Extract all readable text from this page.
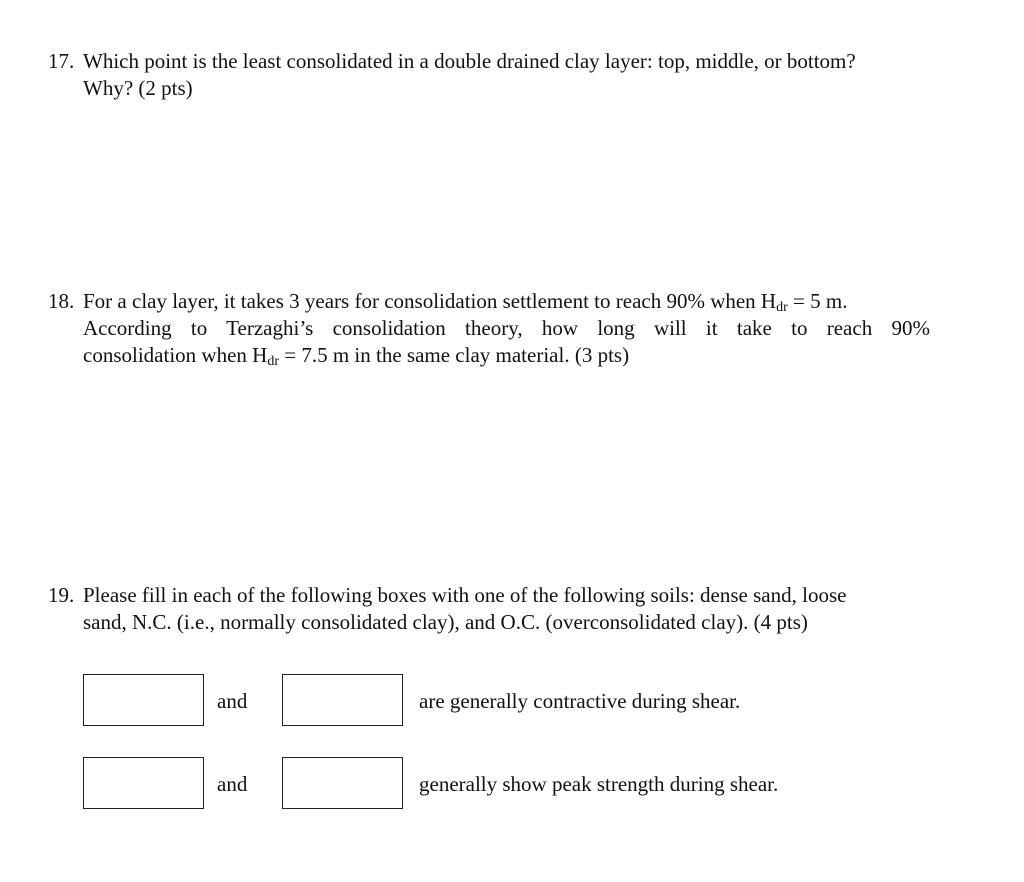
17. Which point is the least consolidated in a double drained clay layer: top, middle, or bottom?
Why? (2 pts)
18. For a clay layer, it takes 3 years for consolidation settlement to reach 90% when $H_{dr} = 5$ m.
According to Terzaghi’s consolidation theory, how long will it take to reach 90%
consolidation when $H_{dr} = 7.5$ m in the same clay material. (3 pts)
19. Please fill in each of the following boxes with one of the following soils: dense sand, loose
sand, N.C. (i.e., normally consolidated clay), and O.C. (overconsolidated clay). (4 pts)
and	are generally contractive during shear.
and	generally show peak strength during shear.
